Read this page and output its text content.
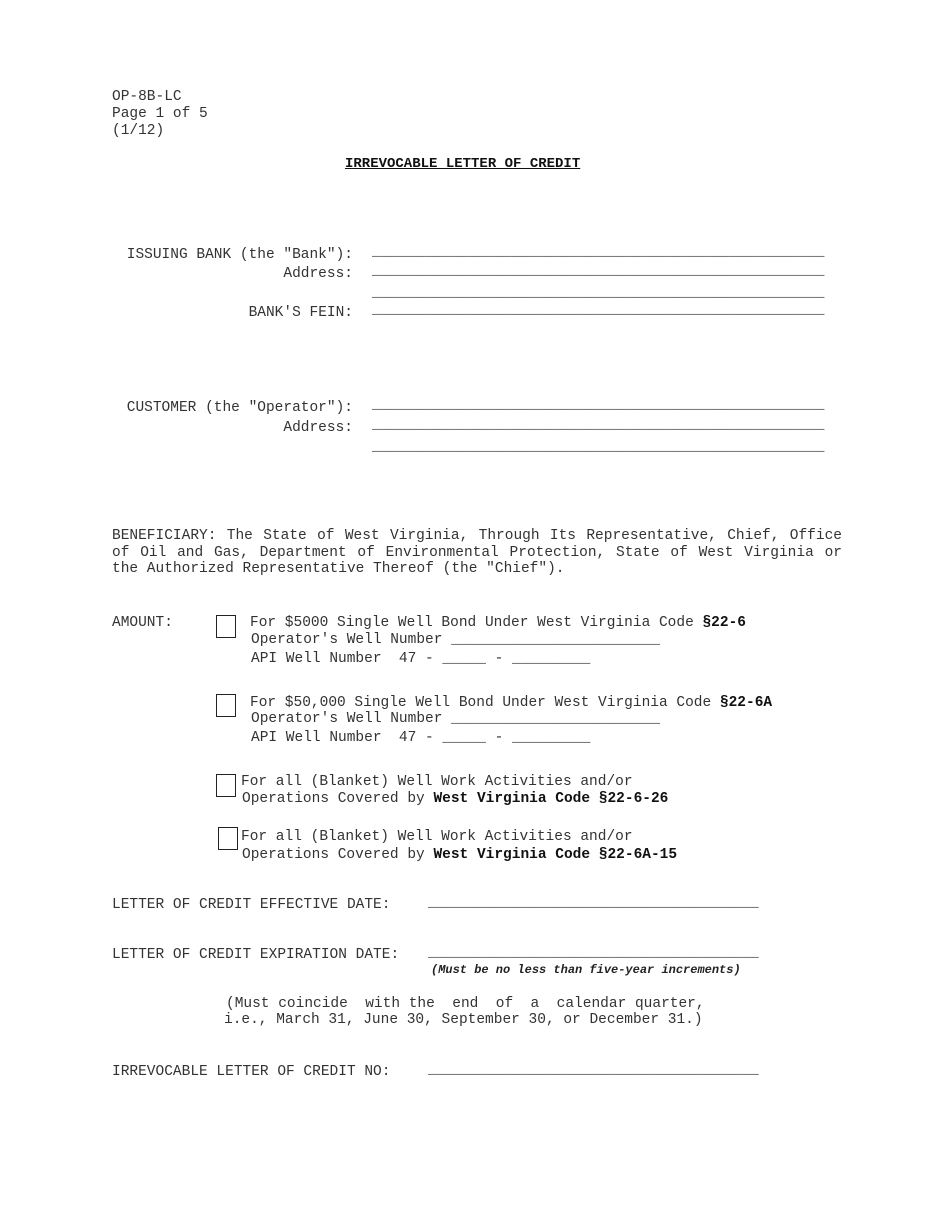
OP-8B-LC
Page 1 of 5
(1/12)
IRREVOCABLE LETTER OF CREDIT
ISSUING BANK (the "Bank"): ____________________________________________________
Address: ____________________________________________________
____________________________________________________
BANK'S FEIN: ____________________________________________________
CUSTOMER (the "Operator"): ____________________________________________________
Address: ____________________________________________________
____________________________________________________
BENEFICIARY: The State of West Virginia, Through Its Representative, Chief, Office of Oil and Gas, Department of Environmental Protection, State of West Virginia or the Authorized Representative Thereof (the "Chief").
AMOUNT:	For $5000 Single Well Bond Under West Virginia Code §22-6
Operator's Well Number ________________________
API Well Number  47 - _____ - _________
For $50,000 Single Well Bond Under West Virginia Code §22-6A
Operator's Well Number ________________________
API Well Number  47 - _____ - _________
For all (Blanket) Well Work Activities and/or
Operations Covered by West Virginia Code §22-6-26
For all (Blanket) Well Work Activities and/or
Operations Covered by West Virginia Code §22-6A-15
LETTER OF CREDIT EFFECTIVE DATE:	______________________________________
LETTER OF CREDIT EXPIRATION DATE: ______________________________________
(Must be no less than five-year increments)
(Must coincide  with the  end  of  a  calendar quarter,
i.e., March 31, June 30, September 30, or December 31.)
IRREVOCABLE LETTER OF CREDIT NO:	______________________________________
